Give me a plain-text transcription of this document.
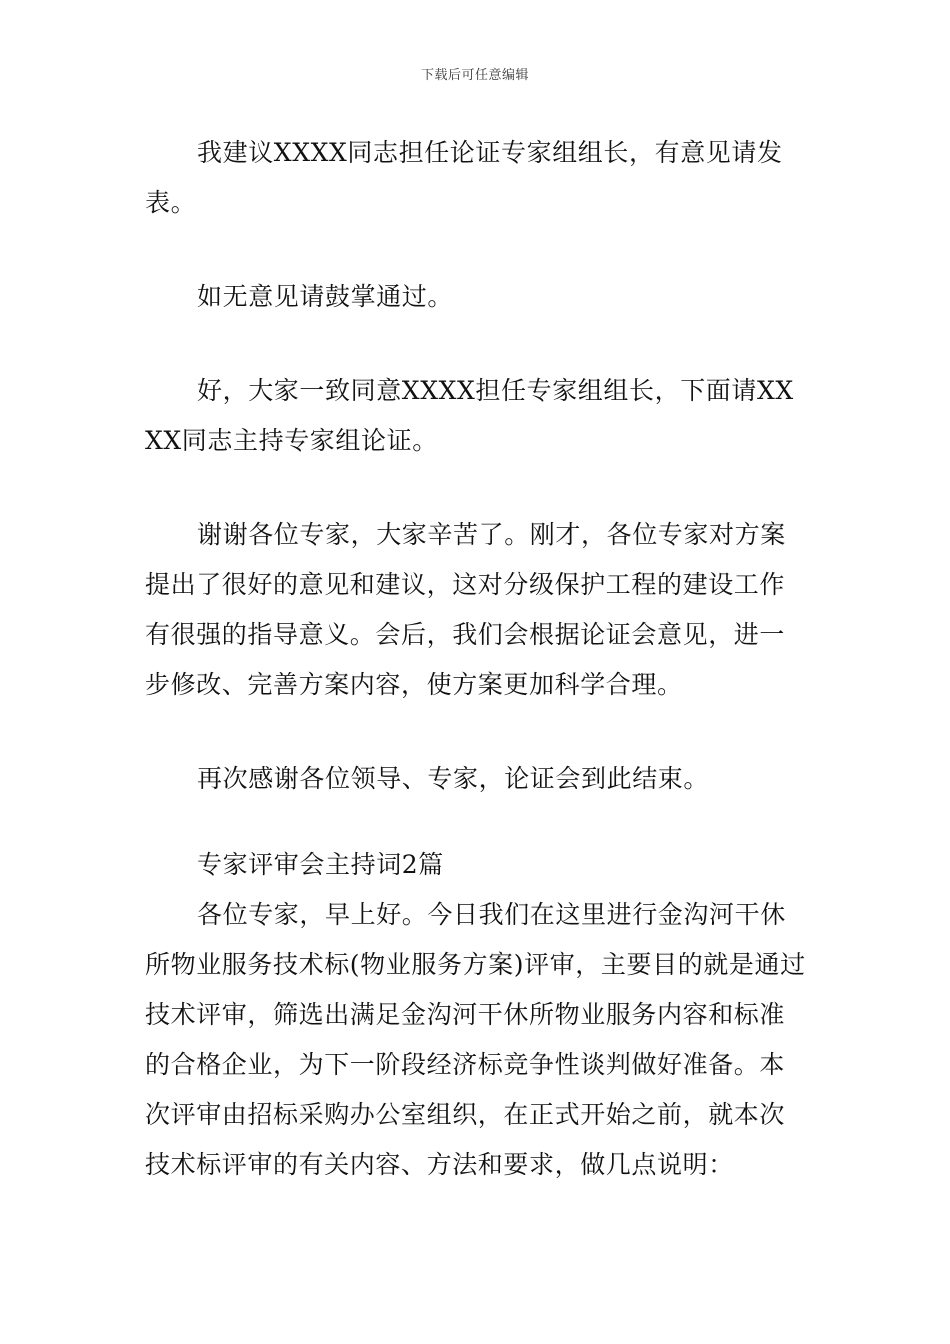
下载后可任意编辑

我建议XXXX同志担任论证专家组组长，有意见请发表。

如无意见请鼓掌通过。

好，大家一致同意XXXX担任专家组组长，下面请XXXX同志主持专家组论证。

谢谢各位专家，大家辛苦了。刚才，各位专家对方案提出了很好的意见和建议，这对分级保护工程的建设工作有很强的指导意义。会后，我们会根据论证会意见，进一步修改、完善方案内容，使方案更加科学合理。

再次感谢各位领导、专家，论证会到此结束。

专家评审会主持词2篇

各位专家，早上好。今日我们在这里进行金沟河干休所物业服务技术标(物业服务方案)评审，主要目的就是通过技术评审，筛选出满足金沟河干休所物业服务内容和标准的合格企业，为下一阶段经济标竞争性谈判做好准备。本次评审由招标采购办公室组织，在正式开始之前，就本次技术标评审的有关内容、方法和要求，做几点说明：
